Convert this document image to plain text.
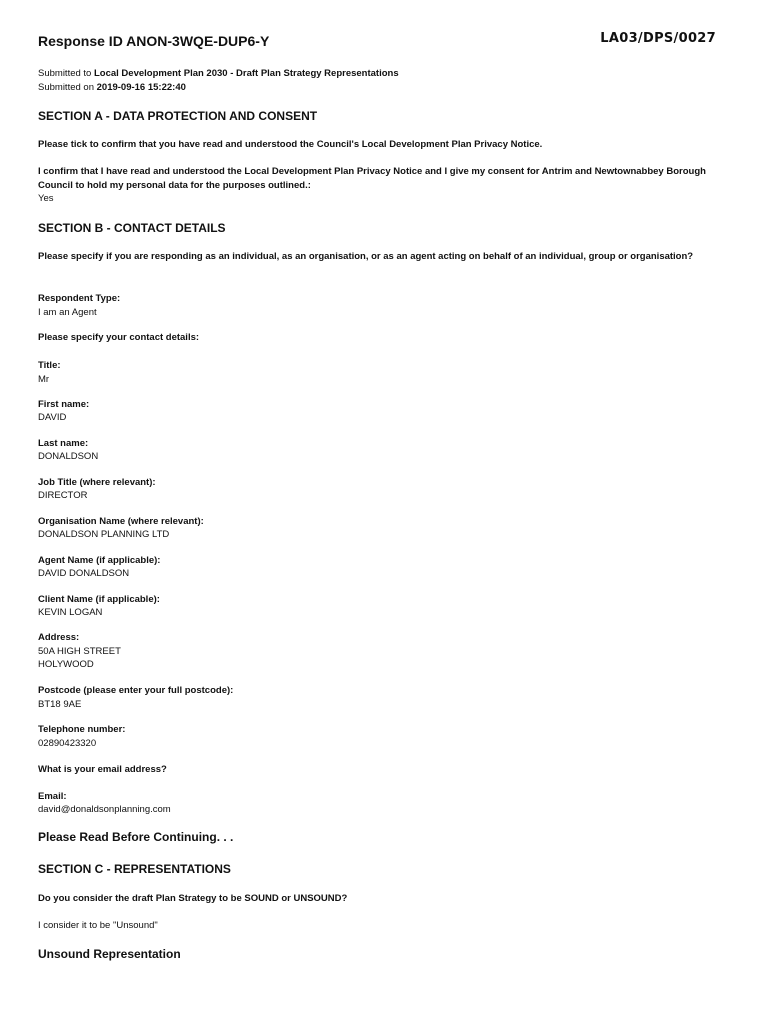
Response ID ANON-3WQE-DUP6-Y	LA03/DPS/0027
Submitted to Local Development Plan 2030 - Draft Plan Strategy Representations
Submitted on 2019-09-16 15:22:40
SECTION A - DATA PROTECTION AND CONSENT
Please tick to confirm that you have read and understood the Council's Local Development Plan Privacy Notice.
I confirm that I have read and understood the Local Development Plan Privacy Notice and I give my consent for Antrim and Newtownabbey Borough Council to hold my personal data for the purposes outlined.:
Yes
SECTION B - CONTACT DETAILS
Please specify if you are responding as an individual, as an organisation, or as an agent acting on behalf of an individual, group or organisation?
Respondent Type:
I am an Agent
Please specify your contact details:
Title:
Mr
First name:
DAVID
Last name:
DONALDSON
Job Title (where relevant):
DIRECTOR
Organisation Name (where relevant):
DONALDSON PLANNING LTD
Agent Name (if applicable):
DAVID DONALDSON
Client Name (if applicable):
KEVIN LOGAN
Address:
50A HIGH STREET
HOLYWOOD
Postcode (please enter your full postcode):
BT18 9AE
Telephone number:
02890423320
What is your email address?
Email:
david@donaldsonplanning.com
Please Read Before Continuing. . .
SECTION C - REPRESENTATIONS
Do you consider the draft Plan Strategy to be SOUND or UNSOUND?
I consider it to be "Unsound"
Unsound Representation
